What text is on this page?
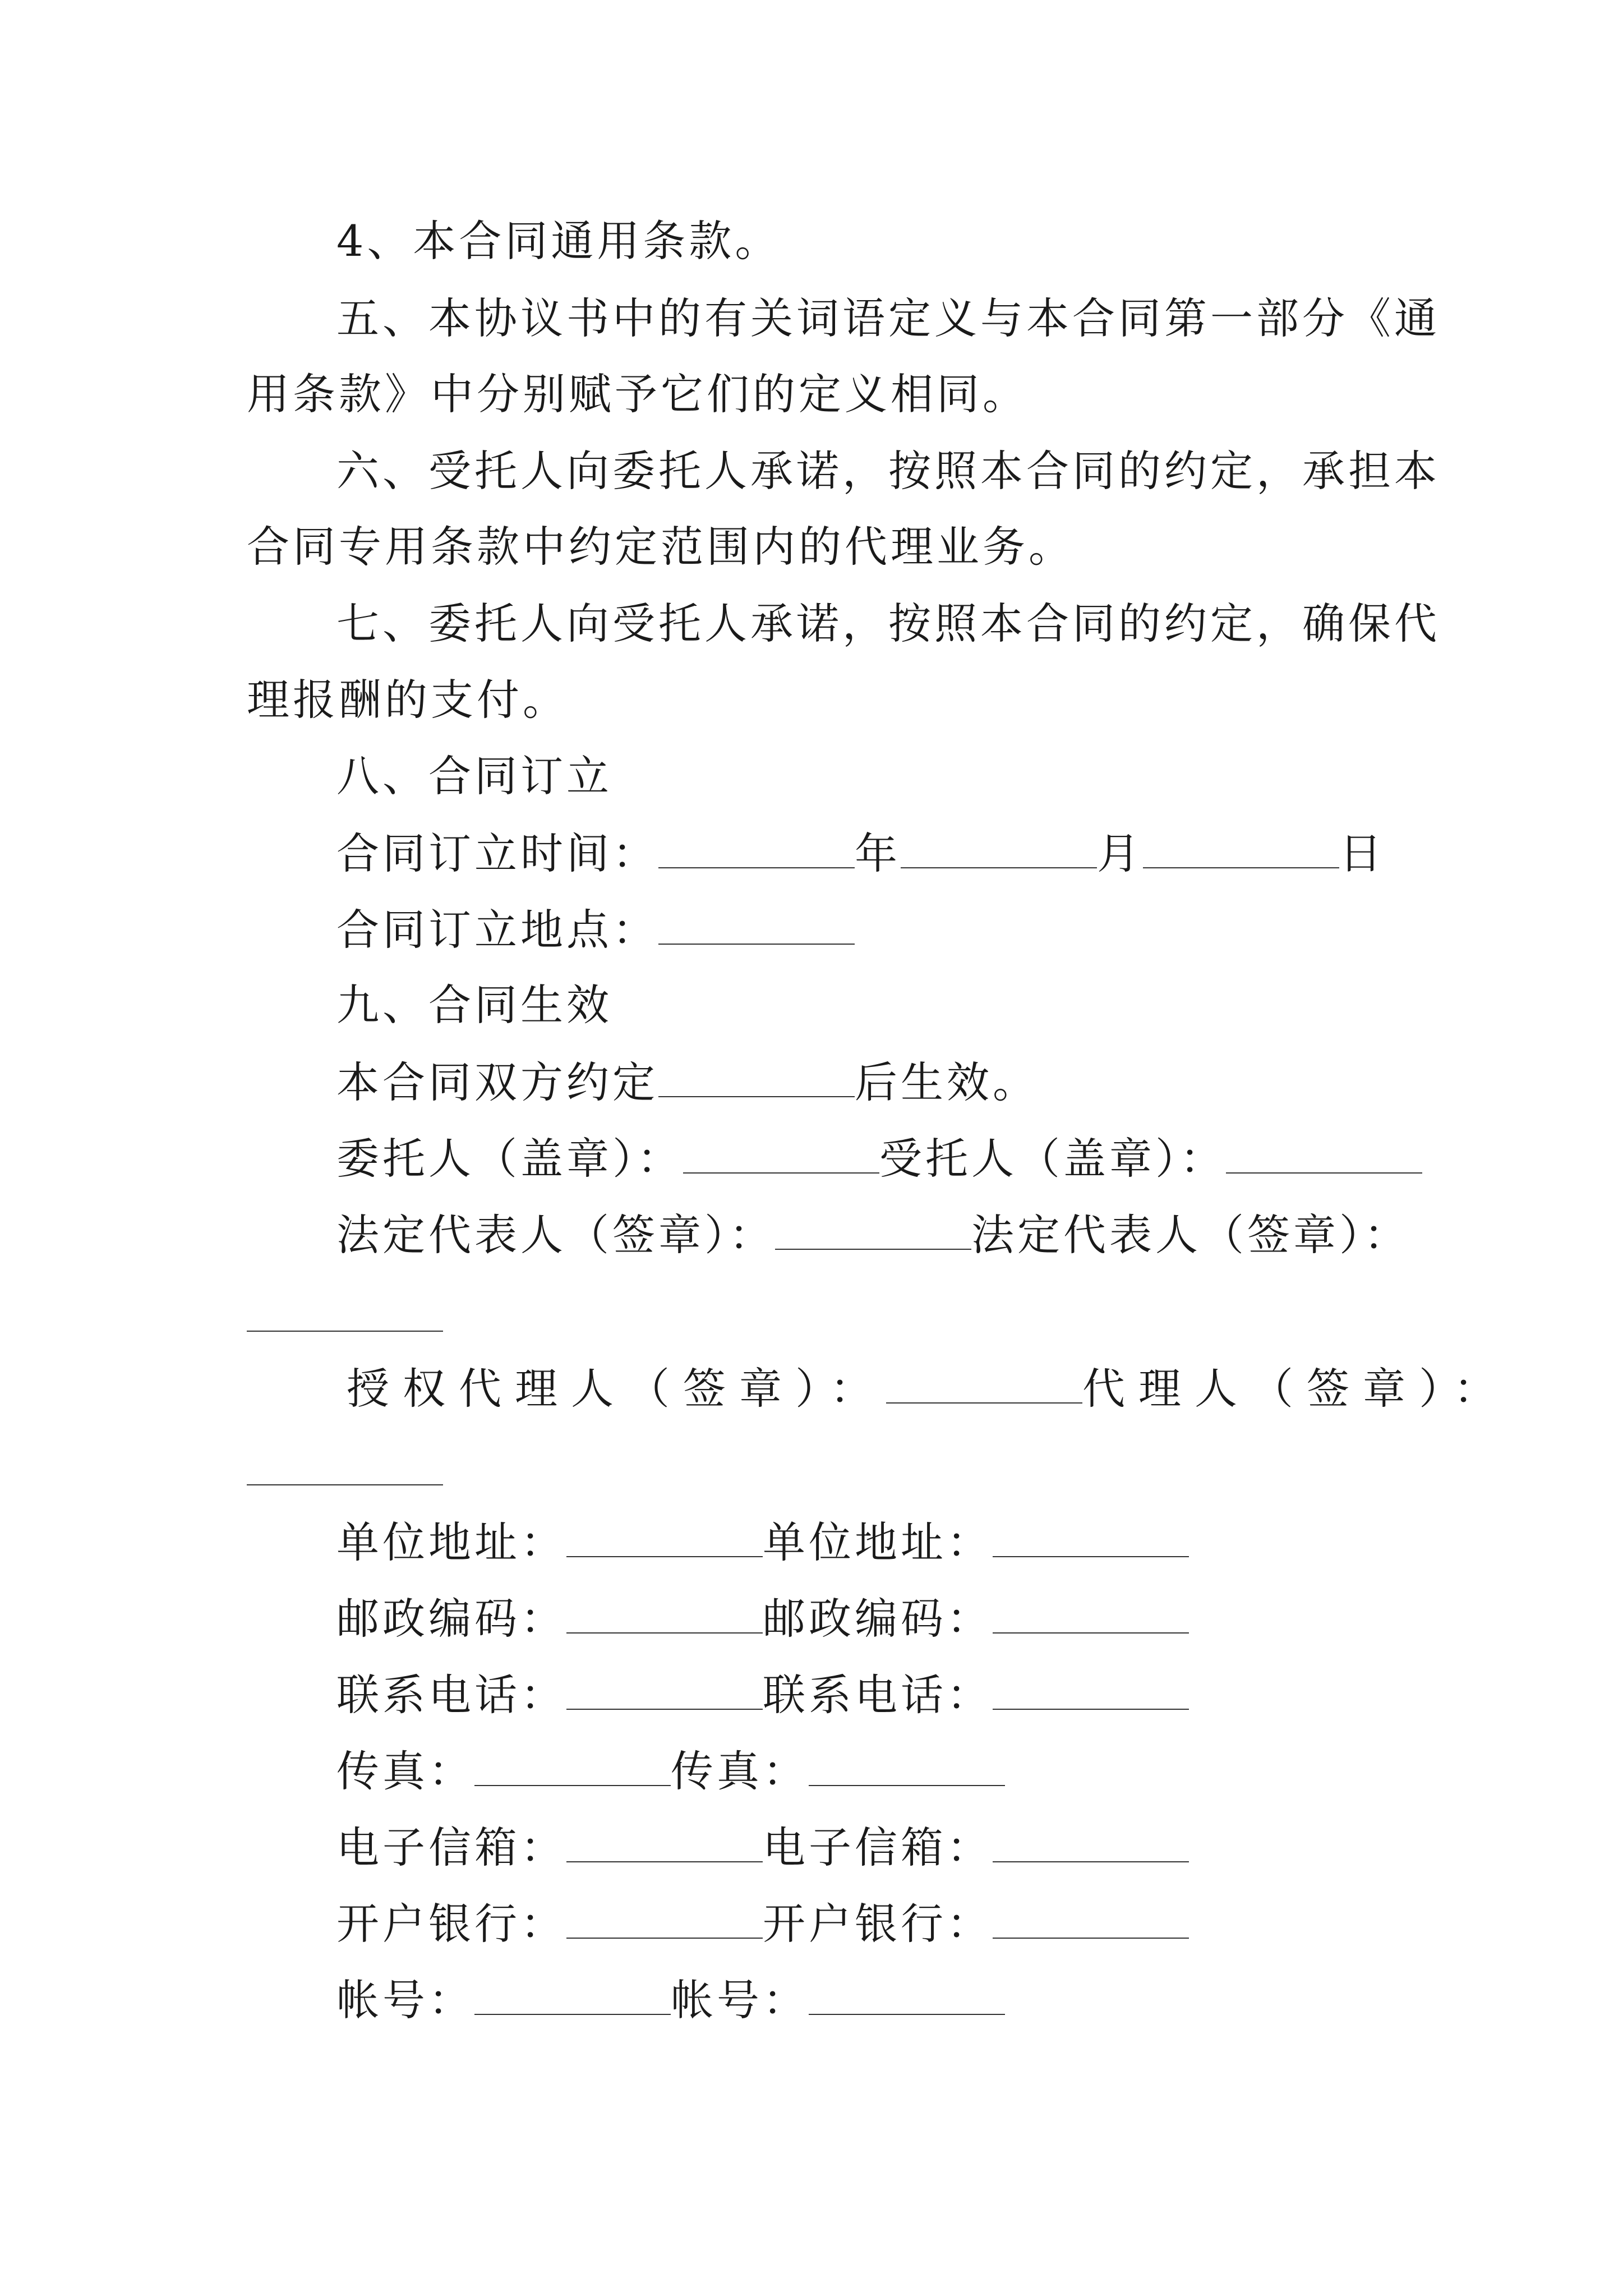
4、本合同通用条款。
五、本协议书中的有关词语定义与本合同第一部分《通
用条款》中分别赋予它们的定义相同。
六、受托人向委托人承诺，按照本合同的约定，承担本
合同专用条款中约定范围内的代理业务。
七、委托人向受托人承诺，按照本合同的约定，确保代
理报酬的支付。
八、合同订立
合同订立时间：	年	月	日
合同订立地点：
九、合同生效
本合同双方约定	后生效。
委托人（盖章）：	受托人（盖章）：
法定代表人（签章）：	法定代表人（签章）：
授权代理人（签章）：	代理人（签章）：
单位地址：	单位地址：
邮政编码：	邮政编码：
联系电话：	联系电话：
传真：	传真：
电子信箱：	电子信箱：
开户银行：	开户银行：
帐号：	帐号：
